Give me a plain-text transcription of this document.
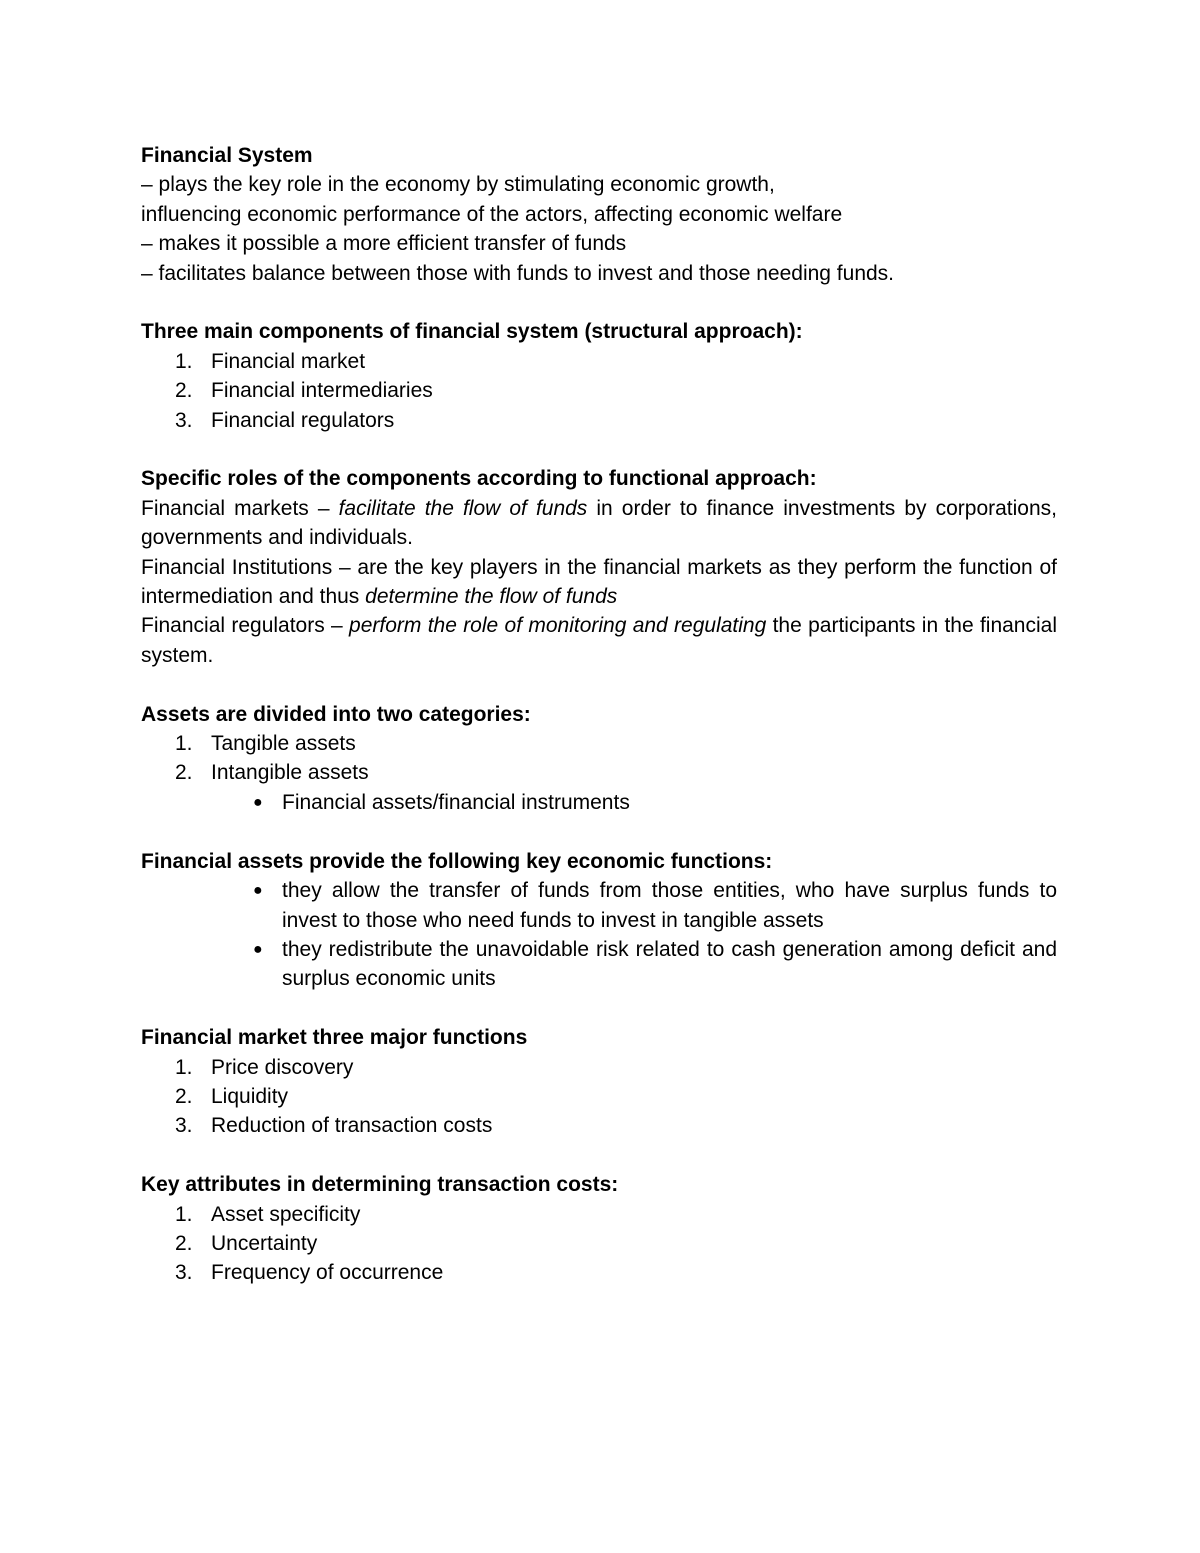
Financial System
– plays the key role in the economy by stimulating economic growth,
influencing economic performance of the actors, affecting economic welfare
– makes it possible a more efficient transfer of funds
– facilitates balance between those with funds to invest and those needing funds.
Three main components of financial system (structural approach):
1. Financial market
2. Financial intermediaries
3. Financial regulators
Specific roles of the components according to functional approach:
Financial markets – facilitate the flow of funds in order to finance investments by corporations, governments and individuals.
Financial Institutions – are the key players in the financial markets as they perform the function of intermediation and thus determine the flow of funds
Financial regulators – perform the role of monitoring and regulating the participants in the financial system.
Assets are divided into two categories:
1. Tangible assets
2. Intangible assets
● Financial assets/financial instruments
Financial assets provide the following key economic functions:
● they allow the transfer of funds from those entities, who have surplus funds to invest to those who need funds to invest in tangible assets
● they redistribute the unavoidable risk related to cash generation among deficit and surplus economic units
Financial market three major functions
1. Price discovery
2. Liquidity
3. Reduction of transaction costs
Key attributes in determining transaction costs:
1. Asset specificity
2. Uncertainty
3. Frequency of occurrence
